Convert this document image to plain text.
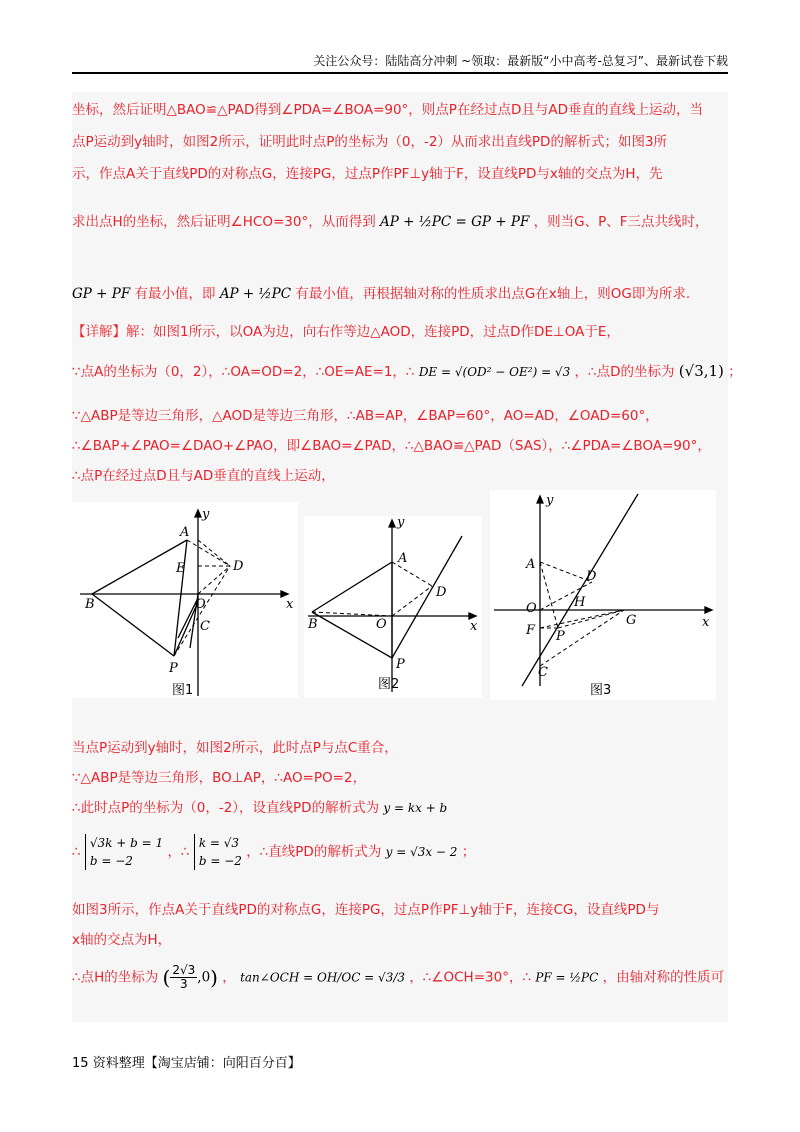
关注公众号：陆陆高分冲刺 ~领取：最新版“小中高考-总复习”、最新试卷下载
坐标，然后证明△BAO≌△PAD得到∠PDA=∠BOA=90°，则点P在经过点D且与AD垂直的直线上运动，当
点P运动到y轴时，如图2所示，证明此时点P的坐标为（0，-2）从而求出直线PD的解析式；如图3所
示，作点A关于直线PD的对称点G，连接PG，过点P作PF⊥y轴于F，设直线PD与x轴的交点为H，先
求出点H的坐标，然后证明∠HCO=30°，从而得到 AP + ½PC = GP + PF ，则当G、P、F三点共线时，
GP + PF 有最小值，即 AP + ½PC 有最小值，再根据轴对称的性质求出点G在x轴上，则OG即为所求.
【详解】解：如图1所示，以OA为边，向右作等边△AOD，连接PD，过点D作DE⊥OA于E，
∵点A的坐标为（0，2），∴OA=OD=2，∴OE=AE=1，∴ DE = √(OD² − OE²) = √3 ，∴点D的坐标为 (√3,1) ；
∵△ABP是等边三角形，△AOD是等边三角形，∴AB=AP，∠BAP=60°，AO=AD，∠OAD=60°，
∴∠BAP+∠PAO=∠DAO+∠PAO，即∠BAO=∠PAD，∴△BAO≌△PAD（SAS），∴∠PDA=∠BOA=90°，
∴点P在经过点D且与AD垂直的直线上运动，
当点P运动到y轴时，如图2所示，此时点P与点C重合，
∵△ABP是等边三角形，BO⊥AP，∴AO=PO=2，
∴此时点P的坐标为（0，-2），设直线PD的解析式为 y = kx + b
∴
√3k + b = 1
b = −2
，∴
k = √3
b = −2
，∴直线PD的解析式为 y = √3x − 2 ；
如图3所示，作点A关于直线PD的对称点G，连接PG，过点P作PF⊥y轴于F，连接CG，设直线PD与
x轴的交点为H，
∴点H的坐标为 ( $\frac{2√3}{3} ,0$) ， tan∠OCH = OH/OC = √3/3 ，∴∠OCH=30°，∴ PF = ½PC ，由轴对称的性质可
A
B
C
D
E
O
P
x
y
图1
A
B
D
O
P
x
y
图2
A
O
F
C
D
H
P
G	x
y
图3
15 资料整理【淘宝店铺：向阳百分百】
